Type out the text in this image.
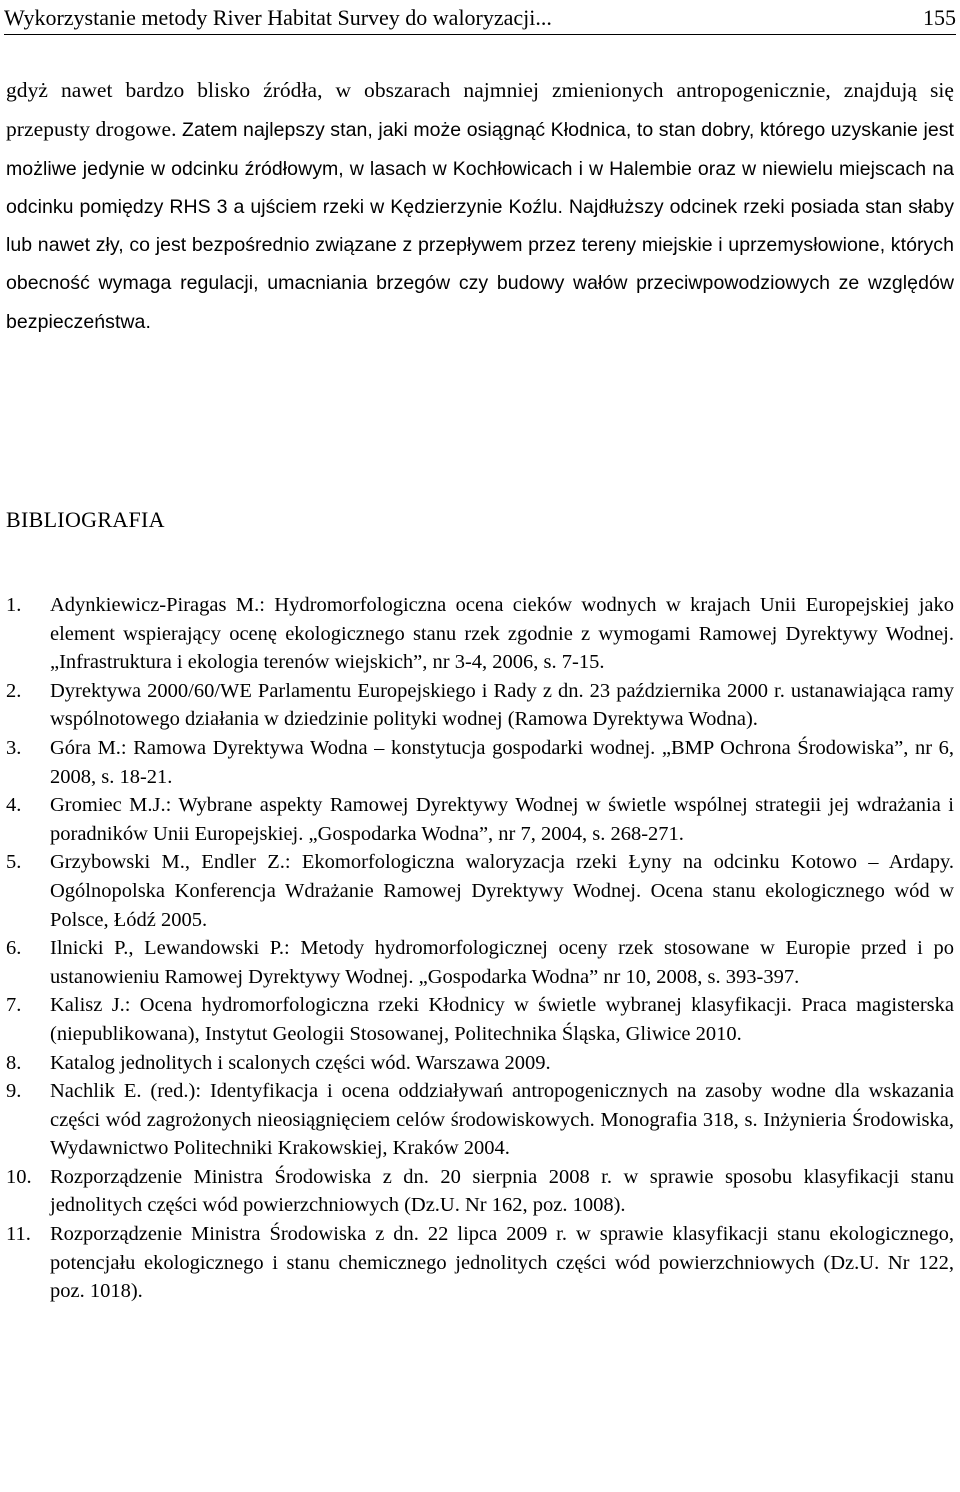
Wykorzystanie metody River Habitat Survey do waloryzacji...	155
gdyż nawet bardzo blisko źródła, w obszarach najmniej zmienionych antropogenicznie, znajdują się przepusty drogowe. Zatem najlepszy stan, jaki może osiągnąć Kłodnica, to stan dobry, którego uzyskanie jest możliwe jedynie w odcinku źródłowym, w lasach w Kochłowicach i w Halembie oraz w niewielu miejscach na odcinku pomiędzy RHS 3 a ujściem rzeki w Kędzierzynie Koźlu. Najdłuższy odcinek rzeki posiada stan słaby lub nawet zły, co jest bezpośrednio związane z przepływem przez tereny miejskie i uprzemysłowione, których obecność wymaga regulacji, umacniania brzegów czy budowy wałów przeciwpowodziowych ze względów bezpieczeństwa.
BIBLIOGRAFIA
1. Adynkiewicz-Piragas M.: Hydromorfologiczna ocena cieków wodnych w krajach Unii Europejskiej jako element wspierający ocenę ekologicznego stanu rzek zgodnie z wymogami Ramowej Dyrektywy Wodnej. „Infrastruktura i ekologia terenów wiejskich”, nr 3-4, 2006, s. 7-15.
2. Dyrektywa 2000/60/WE Parlamentu Europejskiego i Rady z dn. 23 października 2000 r. ustanawiająca ramy wspólnotowego działania w dziedzinie polityki wodnej (Ramowa Dyrektywa Wodna).
3. Góra M.: Ramowa Dyrektywa Wodna – konstytucja gospodarki wodnej. „BMP Ochrona Środowiska”, nr 6, 2008, s. 18-21.
4. Gromiec M.J.: Wybrane aspekty Ramowej Dyrektywy Wodnej w świetle wspólnej strategii jej wdrażania i poradników Unii Europejskiej. „Gospodarka Wodna”, nr 7, 2004, s. 268-271.
5. Grzybowski M., Endler Z.: Ekomorfologiczna waloryzacja rzeki Łyny na odcinku Kotowo – Ardapy. Ogólnopolska Konferencja Wdrażanie Ramowej Dyrektywy Wodnej. Ocena stanu ekologicznego wód w Polsce, Łódź 2005.
6. Ilnicki P., Lewandowski P.: Metody hydromorfologicznej oceny rzek stosowane w Europie przed i po ustanowieniu Ramowej Dyrektywy Wodnej. „Gospodarka Wodna” nr 10, 2008, s. 393-397.
7. Kalisz J.: Ocena hydromorfologiczna rzeki Kłodnicy w świetle wybranej klasyfikacji. Praca magisterska (niepublikowana), Instytut Geologii Stosowanej, Politechnika Śląska, Gliwice 2010.
8. Katalog jednolitych i scalonych części wód. Warszawa 2009.
9. Nachlik E. (red.): Identyfikacja i ocena oddziaływań antropogenicznych na zasoby wodne dla wskazania części wód zagrożonych nieosiągnięciem celów środowiskowych. Monografia 318, s. Inżynieria Środowiska, Wydawnictwo Politechniki Krakowskiej, Kraków 2004.
10. Rozporządzenie Ministra Środowiska z dn. 20 sierpnia 2008 r. w sprawie sposobu klasyfikacji stanu jednolitych części wód powierzchniowych (Dz.U. Nr 162, poz. 1008).
11. Rozporządzenie Ministra Środowiska z dn. 22 lipca 2009 r. w sprawie klasyfikacji stanu ekologicznego, potencjału ekologicznego i stanu chemicznego jednolitych części wód powierzchniowych (Dz.U. Nr 122, poz. 1018).
